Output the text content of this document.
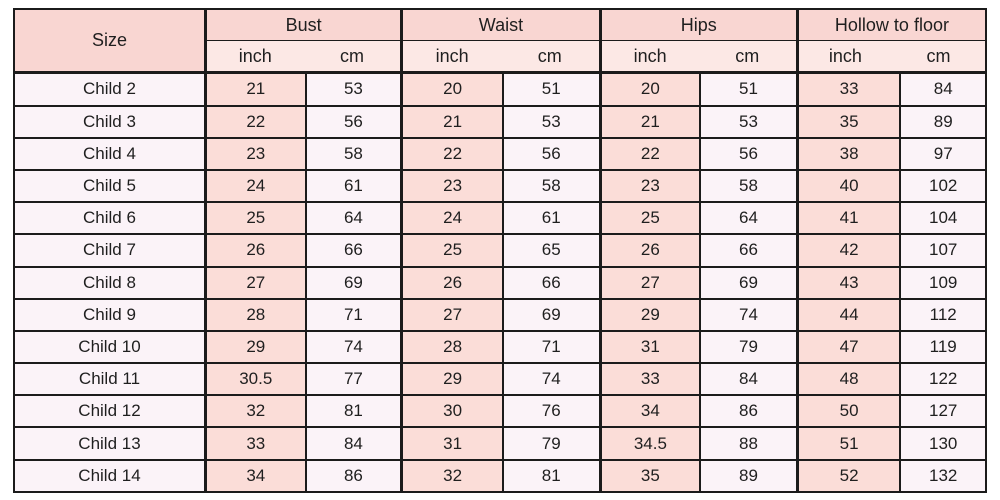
Size	Bust		Waist		Hips		Hollow to floor	
	inch cm		inch cm		inch cm		inch cm	
Child 2	21	53	20	51	20	51	33	84
Child 3	22	56	21	53	21	53	35	89
Child 4	23	58	22	56	22	56	38	97
Child 5	24	61	23	58	23	58	40	102
Child 6	25	64	24	61	25	64	41	104
Child 7	26	66	25	65	26	66	42	107
Child 8	27	69	26	66	27	69	43	109
Child 9	28	71	27	69	29	74	44	112
Child 10	29	74	28	71	31	79	47	119
Child 11	30.5	77	29	74	33	84	48	122
Child 12	32	81	30	76	34	86	50	127
Child 13	33	84	31	79	34.5	88	51	130
Child 14	34	86	32	81	35	89	52	132
